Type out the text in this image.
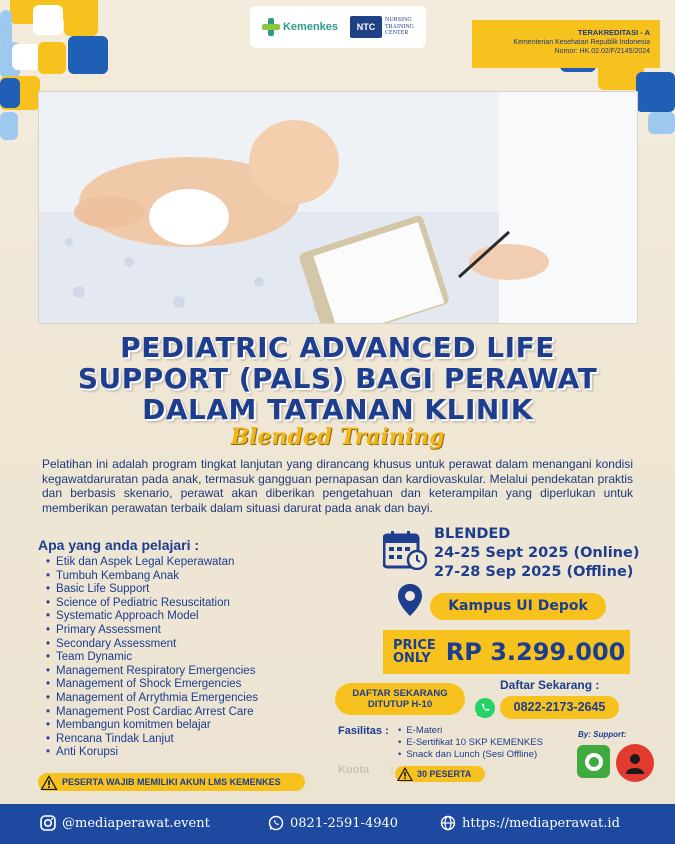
Kemenkes	NTC
NURSING
TRAINING
CENTER	TERAKREDITASI - A
Kementerian Kesehatan Republik Indonesia
Nomor: HK.02.02/F/2145/2024
PEDIATRIC ADVANCED LIFE
SUPPORT (PALS) BAGI PERAWAT
DALAM TATANAN KLINIK
Blended Training
Pelatihan ini adalah program tingkat lanjutan yang dirancang khusus untuk perawat dalam menangani kondisi kegawatdaruratan pada anak, termasuk gangguan pernapasan dan kardiovaskular. Melalui pendekatan praktis dan berbasis skenario, perawat akan diberikan pengetahuan dan keterampilan yang diperlukan untuk memberikan perawatan terbaik dalam situasi darurat pada anak dan bayi.
Apa yang anda pelajari :
• Etik dan Aspek Legal Keperawatan
• Tumbuh Kembang Anak
• Basic Life Support
• Science of Pediatric Resuscitation
• Systematic Approach Model
• Primary Assessment
• Secondary Assessment
• Team Dynamic
• Management Respiratory Emergencies
• Management of Shock Emergencies
• Management of Arrythmia Emergencies
• Management Post Cardiac Arrest Care
• Membangun komitmen belajar
• Rencana Tindak Lanjut
• Anti Korupsi
BLENDED
24-25 Sept 2025 (Online)
27-28 Sep 2025 (Offline)
Kampus UI Depok
PRICE
ONLY RP 3.299.000
DAFTAR SEKARANG
DITUTUP H-10
Daftar Sekarang :
0822-2173-2645
Fasilitas :
•	E-Materi
• E-Sertifikat 10 SKP KEMENKES
• Snack dan Lunch (Sesi Offline)
By: Support:
Kuota :	30 PESERTA
PESERTA WAJIB MEMILIKI AKUN LMS KEMENKES
@mediaperawat.event	0821-2591-4940	https://mediaperawat.id
